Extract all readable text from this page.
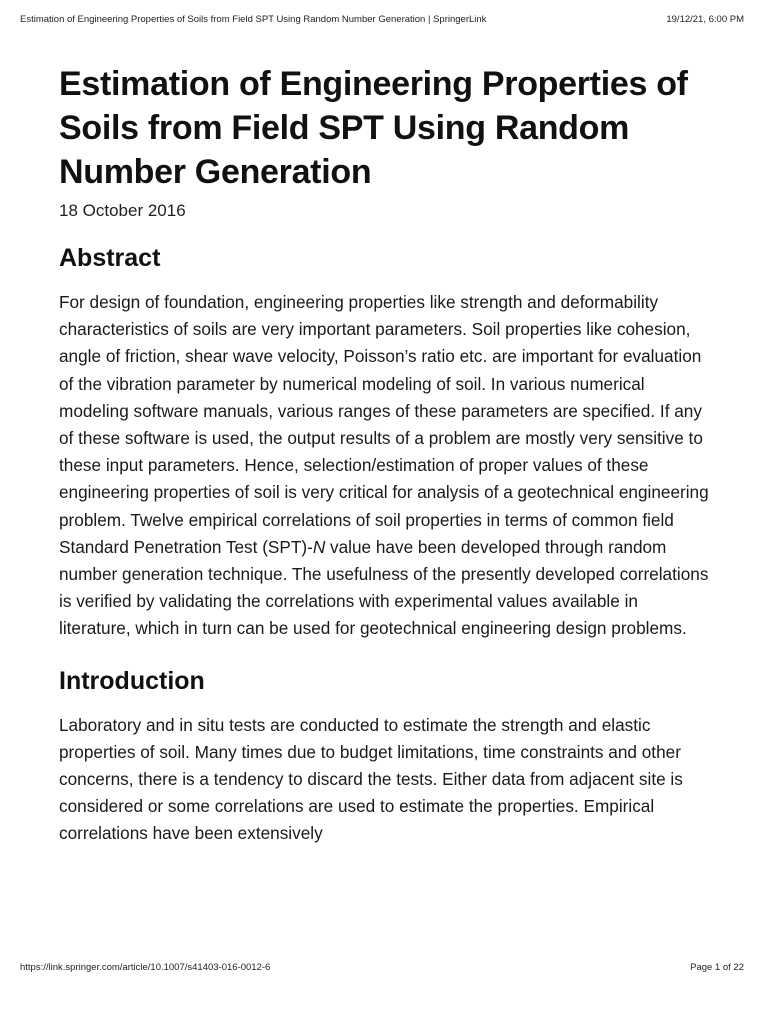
Estimation of Engineering Properties of Soils from Field SPT Using Random Number Generation | SpringerLink	19/12/21, 6:00 PM
Estimation of Engineering Properties of Soils from Field SPT Using Random Number Generation

18 October 2016

Abstract

For design of foundation, engineering properties like strength and deformability characteristics of soils are very important parameters. Soil properties like cohesion, angle of friction, shear wave velocity, Poisson’s ratio etc. are important for evaluation of the vibration parameter by numerical modeling of soil. In various numerical modeling software manuals, various ranges of these parameters are specified. If any of these software is used, the output results of a problem are mostly very sensitive to these input parameters. Hence, selection/estimation of proper values of these engineering properties of soil is very critical for analysis of a geotechnical engineering problem. Twelve empirical correlations of soil properties in terms of common field Standard Penetration Test (SPT)-N value have been developed through random number generation technique. The usefulness of the presently developed correlations is verified by validating the correlations with experimental values available in literature, which in turn can be used for geotechnical engineering design problems.

Introduction

Laboratory and in situ tests are conducted to estimate the strength and elastic properties of soil. Many times due to budget limitations, time constraints and other concerns, there is a tendency to discard the tests. Either data from adjacent site is considered or some correlations are used to estimate the properties. Empirical correlations have been extensively

https://link.springer.com/article/10.1007/s41403-016-0012-6	Page 1 of 22
